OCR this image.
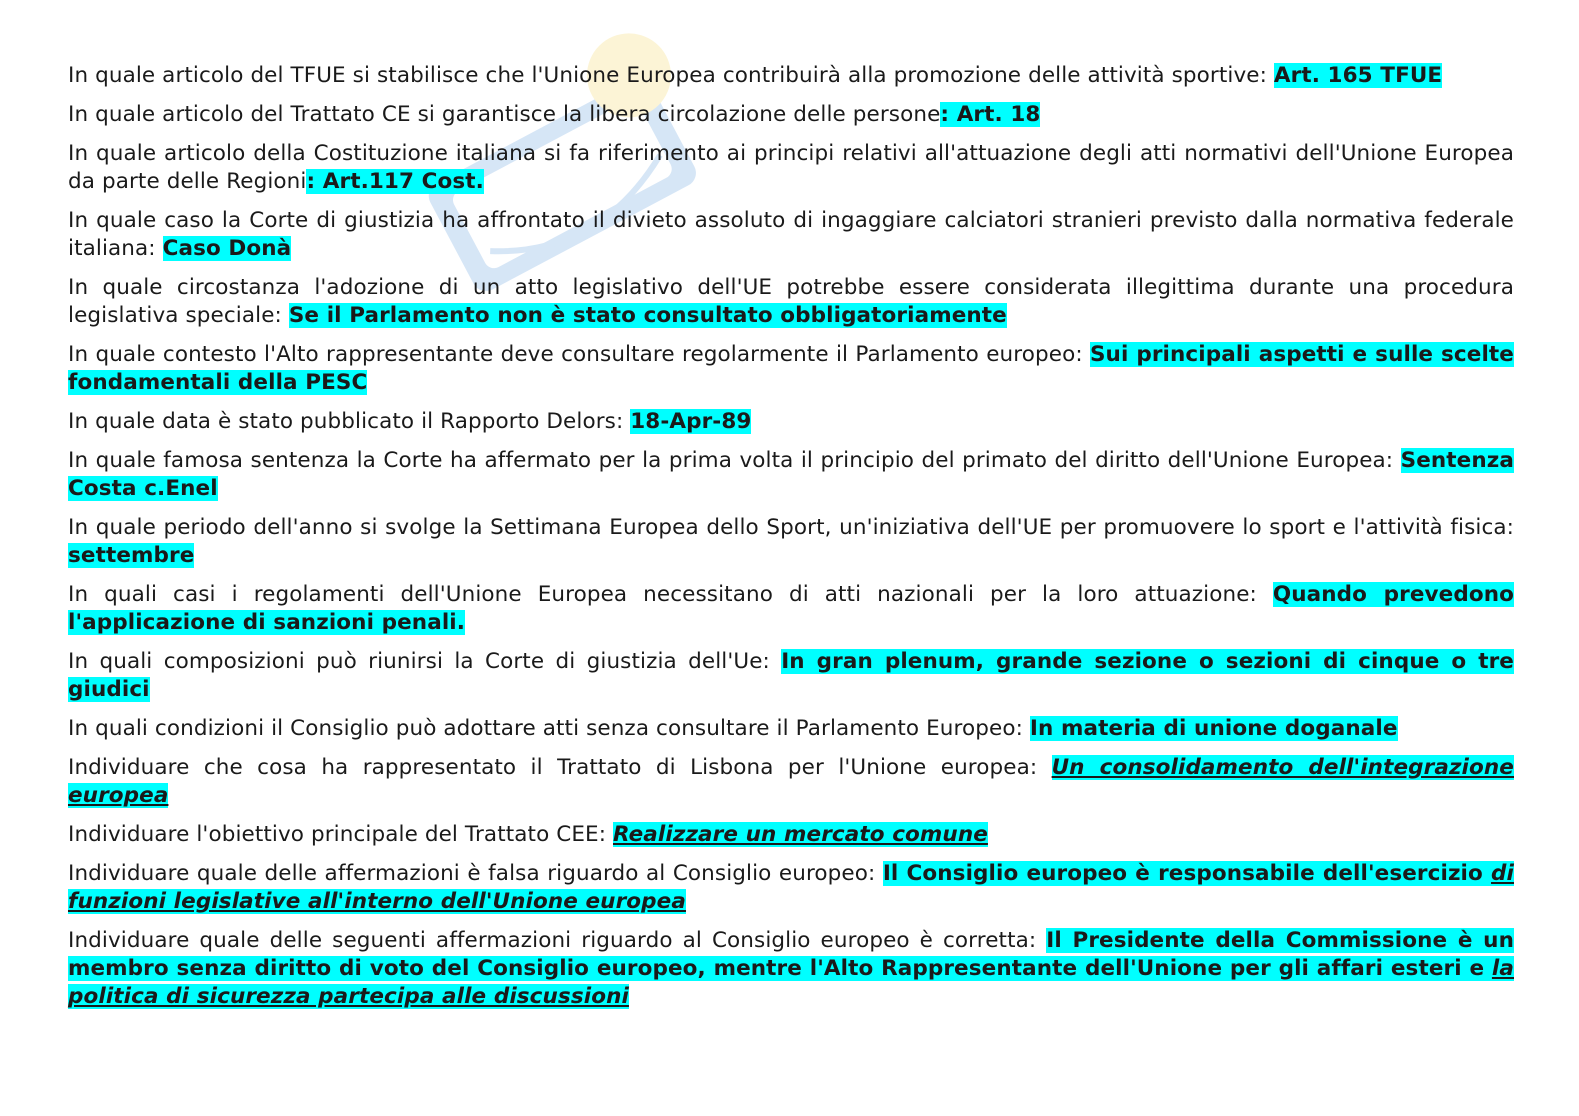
In quale articolo del TFUE si stabilisce che l'Unione Europea contribuirà alla promozione delle attività sportive: Art. 165 TFUE

In quale articolo del Trattato CE si garantisce la libera circolazione delle persone: Art. 18

In quale articolo della Costituzione italiana si fa riferimento ai principi relativi all'attuazione degli atti normativi dell'Unione Europea da parte delle Regioni: Art.117 Cost.

In quale caso la Corte di giustizia ha affrontato il divieto assoluto di ingaggiare calciatori stranieri previsto dalla normativa federale italiana: Caso Donà

In quale circostanza l'adozione di un atto legislativo dell'UE potrebbe essere considerata illegittima durante una procedura legislativa speciale: Se il Parlamento non è stato consultato obbligatoriamente

In quale contesto l'Alto rappresentante deve consultare regolarmente il Parlamento europeo: Sui principali aspetti e sulle scelte fondamentali della PESC

In quale data è stato pubblicato il Rapporto Delors: 18-Apr-89

In quale famosa sentenza la Corte ha affermato per la prima volta il principio del primato del diritto dell'Unione Europea: Sentenza Costa c.Enel

In quale periodo dell'anno si svolge la Settimana Europea dello Sport, un'iniziativa dell'UE per promuovere lo sport e l'attività fisica: settembre

In quali casi i regolamenti dell'Unione Europea necessitano di atti nazionali per la loro attuazione: Quando prevedono l'applicazione di sanzioni penali.

In quali composizioni può riunirsi la Corte di giustizia dell'Ue: In gran plenum, grande sezione o sezioni di cinque o tre giudici

In quali condizioni il Consiglio può adottare atti senza consultare il Parlamento Europeo: In materia di unione doganale

Individuare che cosa ha rappresentato il Trattato di Lisbona per l'Unione europea: Un consolidamento dell'integrazione europea

Individuare l'obiettivo principale del Trattato CEE: Realizzare un mercato comune

Individuare quale delle affermazioni è falsa riguardo al Consiglio europeo: Il Consiglio europeo è responsabile dell'esercizio di funzioni legislative all'interno dell'Unione europea

Individuare quale delle seguenti affermazioni riguardo al Consiglio europeo è corretta: Il Presidente della Commissione è un membro senza diritto di voto del Consiglio europeo, mentre l'Alto Rappresentante dell'Unione per gli affari esteri e la politica di sicurezza partecipa alle discussioni
